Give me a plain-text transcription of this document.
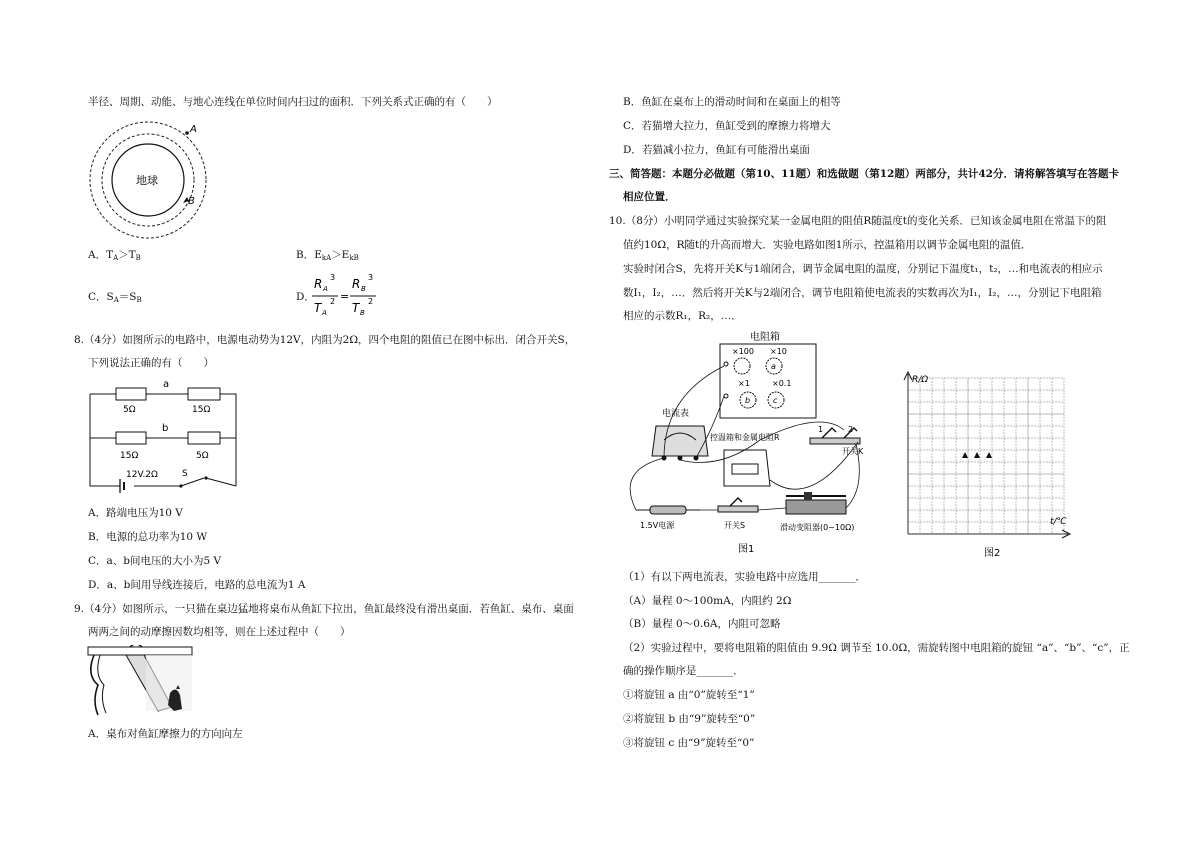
半径、周期、动能、与地心连线在单位时间内扫过的面积．下列关系式正确的有（　　）
地球
A
B
A．$T_A>T_B$	B．$E_{kA}>E_{kB}$
C．$S_A=S_B$	D．
R A
3
T A
2 =
R B
3
T B
2
8.（4分）如图所示的电路中，电源电动势为12V，内阻为2Ω，四个电阻的阻值已在图中标出．闭合开关S，
下列说法正确的有（　　）
a
b
5Ω	15Ω
15Ω	5Ω
12V.2Ω	S
A．路端电压为10 V
B．电源的总功率为10 W
C．a、b间电压的大小为5 V
D．a、b间用导线连接后，电路的总电流为1 A
9.（4分）如图所示，一只猫在桌边猛地将桌布从鱼缸下拉出，鱼缸最终没有滑出桌面．若鱼缸、桌布、桌面
两两之间的动摩擦因数均相等，则在上述过程中（　　）
A．桌布对鱼缸摩擦力的方向向左
B．鱼缸在桌布上的滑动时间和在桌面上的相等
C．若猫增大拉力，鱼缸受到的摩擦力将增大
D．若猫减小拉力，鱼缸有可能滑出桌面
三、简答题：本题分必做题（第10、11题）和选做题（第12题）两部分，共计42分．请将解答填写在答题卡
相应位置．
10.（8分）小明同学通过实验探究某一金属电阻的阻值R随温度t的变化关系．已知该金属电阻在常温下的阻
值约10Ω，R随t的升高而增大．实验电路如图1所示，控温箱用以调节金属电阻的温值．
实验时闭合S，先将开关K与1端闭合，调节金属电阻的温度，分别记下温度t₁，t₂，…和电流表的相应示
数I₁，I₂，…．然后将开关K与2端闭合，调节电阻箱使电流表的实数再次为I₁，I₂，…，分别记下电阻箱
相应的示数R₁，R₂，…．
电阻箱
×100 ×10
×1	×0.1
a
b	c
电流表
控温箱和金属电阻R
1	2
开关K
1.5V电源	开关S	滑动变阻器(0~10Ω)
图1
R/Ω
t/℃
图2
（1）有以下两电流表，实验电路中应选用_______．
（A）量程 0～100mA，内阻约 2Ω
（B）量程 0～0.6A，内阻可忽略
（2）实验过程中，要将电阻箱的阻值由 9.9Ω 调节至 10.0Ω，需旋转图中电阻箱的旋钮 “a”、“b”、“c”，正
确的操作顺序是_______．
①将旋钮 a 由“0”旋转至“1”
②将旋钮 b 由“9”旋转至“0”
③将旋钮 c 由“9”旋转至“0”
